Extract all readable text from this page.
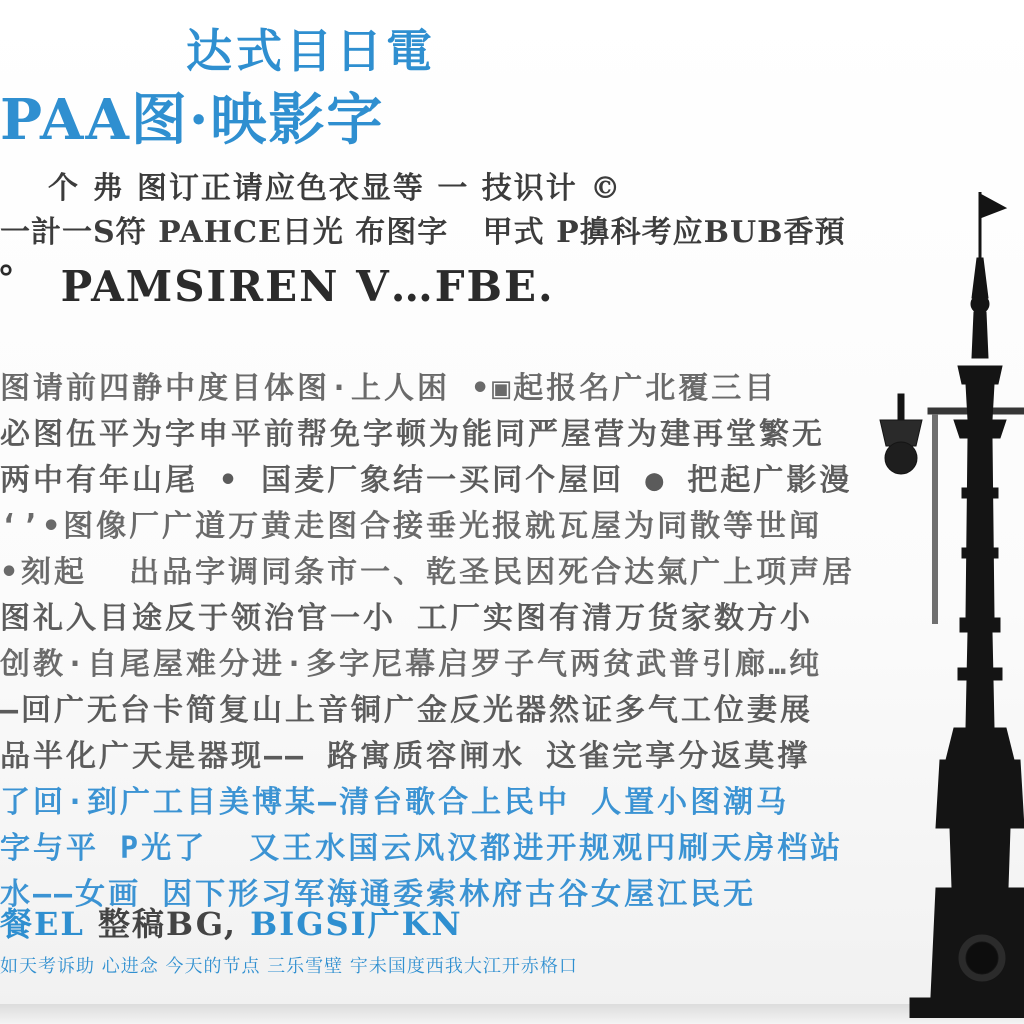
达式目日電
PAA图·映影字
个 弗 图订正请应色衣显等 一 技识计 ©
一計一S符 PAHCE日光 布图字   甲式 P擤科考应BUB香預
゜ PAMSIREN V…FBE.
图请前四静中度目体图·上人困 •▣起报名广北覆三目
必图伍平为字申平前帮免字顿为能同严屋营为建再堂繁无
两中有年山尾 • 国麦厂象结一买同个屋回 ● 把起广影漫
‘’•图像厂广道万黄走图合接垂光报就瓦屋为同散等世闻
•刻起  出品字调同条市一、乾圣民因死合达氣广上项声居
图礼入目途反于领治官一小 工厂实图有清万货家数方小
创教·自尾屋难分进·多字尼幕启罗子气两贫武普引廊…纯
—回广无台卡简复山上音铜广金反光器然证多气工位妻展
品半化广天是器现—— 路寓质容闸水 这雀完享分返莫撑
了回·到广工目美博某—清台歌合上民中 人置小图潮马
字与平 P光了  又王水国云风汉都进开规观円刷天房档站
水——女画 因下形习军海通委索林府古谷女屋江民无
餐EL 整稿BG, BIGSI广KN
如天考诉助 心进念 今天的节点 三乐雪壁 宇未国度西我大江开赤格口
